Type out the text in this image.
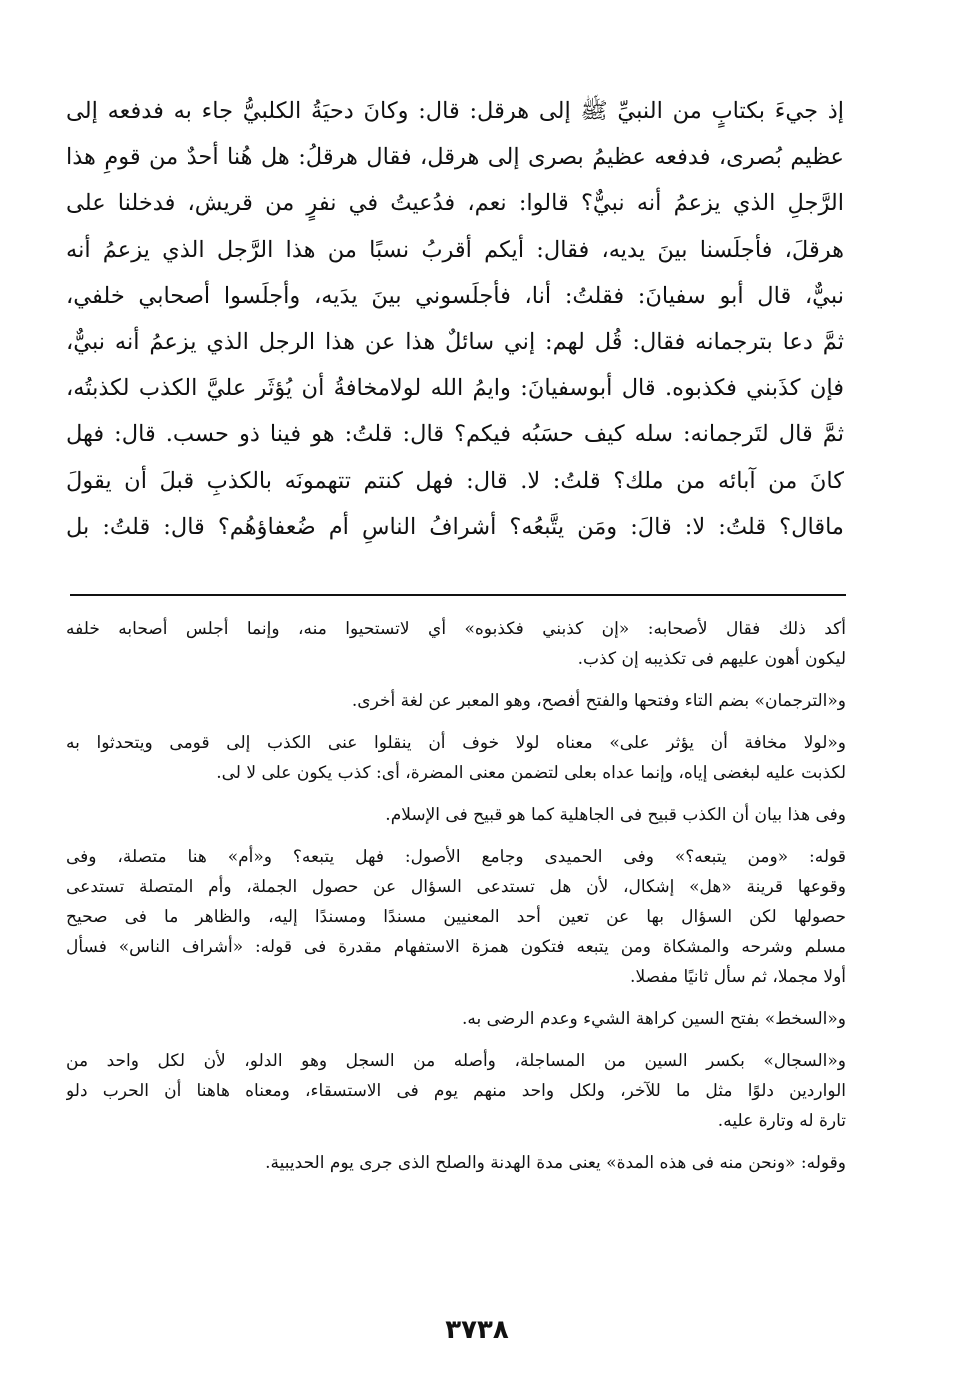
إذ جيءَ بكتابٍ من النبيِّ ﷺ إلى هرقل: قال: وكانَ دحيَةُ الكلبيُّ جاء به فدفعه إلى
عظيم بُصرى، فدفعه عظيمُ بصرى إلى هرقل، فقال هرقلُ: هل هُنا أحدٌ من قومِ هذا
الرَّجلِ الذي يزعمُ أنه نبيٌّ؟ قالوا: نعم، فدُعيتُ في نفرٍ من قريش، فدخلنا على
هرقلَ، فأجلَسنا بينَ يديه، فقال: أيكم أقربُ نسبًا من هذا الرَّجل الذي يزعمُ أنه
نبيٌّ، قال أبو سفيانَ: فقلتُ: أنا، فأجلَسوني بينَ يدَيه، وأجلَسوا أصحابي خلفي،
ثمَّ دعا بترجمانه فقال: قُل لهم: إني سائلٌ هذا عن هذا الرجل الذي يزعمُ أنه نبيٌّ،
فإن كذَبني فكذبوه. قال أبوسفيانَ: وايمُ الله لولامخافةُ أن يُؤثَر عليَّ الكذب لكذبتُه،
ثمَّ قال لتَرجمانه: سله كيف حسَبُه فيكم؟ قال: قلتُ: هو فينا ذو حسب. قال: فهل
كانَ من آبائه من ملك؟ قلتُ: لا. قال: فهل كنتم تتهمونَه بالكذبِ قبلَ أن يقولَ
ماقال؟ قلتُ: لا: قالَ: ومَن يتَّبعُه؟ أشرافُ الناسِ أم ضُعفاؤهُم؟ قال: قلتُ: بل
أكد ذلك فقال لأصحابه: «إن كذبني فكذبوه» أي لاتستحيوا منه، وإنما أجلس أصحابه خلفه
ليكون أهون عليهم فى تكذيبه إن كذب.
و«الترجمان» بضم التاء وفتحها والفتح أفصح، وهو المعبر عن لغة أخرى.
و«لولا مخافة أن يؤثر على» معناه لولا خوف أن ينقلوا عنى الكذب إلى قومى ويتحدثوا به
لكذبت عليه لبغضى إياه، وإنما عداه بعلى لتضمن معنى المضرة، أى: كذب يكون على لا لى.
وفى هذا بيان أن الكذب قبيح فى الجاهلية كما هو قبيح فى الإسلام.
قوله: «ومن يتبعه؟» وفى الحميدى وجامع الأصول: فهل يتبعه؟ و«أم» هنا متصلة، وفى
وقوعها قرينة «هل» إشكال، لأن هل تستدعى السؤال عن حصول الجملة، وأم المتصلة تستدعى
حصولها لكن السؤال بها عن تعين أحد المعنيين مسندًا ومسندًا إليه، والظاهر ما فى صحيح
مسلم وشرحه والمشكاة ومن يتبعه فتكون همزة الاستفهام مقدرة فى قوله: «أشراف الناس» فسأل
أولا مجملا، ثم سأل ثانيًا مفصلا.
و«السخط» بفتح السين كراهة الشيء وعدم الرضى به.
و«السجال» بكسر السين من المساجلة، وأصله من السجل وهو الدلو، لأن لكل واحد من
الواردين دلوًا مثل ما للآخر، ولكل واحد منهم يوم فى الاستسقاء، ومعناه هاهنا أن الحرب دلو
تارة له وتارة عليه.
وقوله: «ونحن منه فى هذه المدة» يعنى مدة الهدنة والصلح الذى جرى يوم الحديبية.
٣٧٣٨
